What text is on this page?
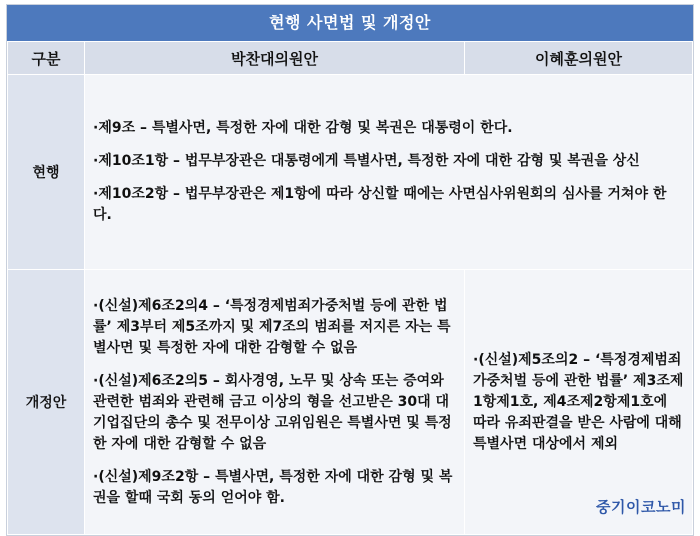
현행 사면법 및 개정안
구분	박찬대의원안	이혜훈의원안
현행	·제9조 – 특별사면, 특정한 자에 대한 감형 및 복권은 대통령이 한다.

·제10조1항 – 법무부장관은 대통령에게 특별사면, 특정한 자에 대한 감형 및 복권을 상신

·제10조2항 – 법무부장관은 제1항에 따라 상신할 때에는 사면심사위원회의 심사를 거쳐야 한다.	

개정안	·(신설)제6조2의4 – ‘특정경제범죄가중처벌 등에 관한 법률’ 제3부터 제5조까지 및 제7조의 범죄를 저지른 자는 특별사면 및 특정한 자에 대한 감형할 수 없음

·(신설)제6조2의5 – 회사경영, 노무 및 상속 또는 증여와 관련한 범죄와 관련해 금고 이상의 형을 선고받은 30대 대기업집단의 총수 및 전무이상 고위임원은 특별사면 및 특정한 자에 대한 감형할 수 없음

·(신설)제9조2항 – 특별사면, 특정한 자에 대한 감형 및 복권을 할때 국회 동의 얻어야 함.	·(신설)제5조의2 – ‘특정경제범죄가중처벌 등에 관한 법률’ 제3조제1항제1호, 제4조제2항제1호에 따라 유죄판결을 받은 사람에 대해 특별사면 대상에서 제외

중기이코노미
